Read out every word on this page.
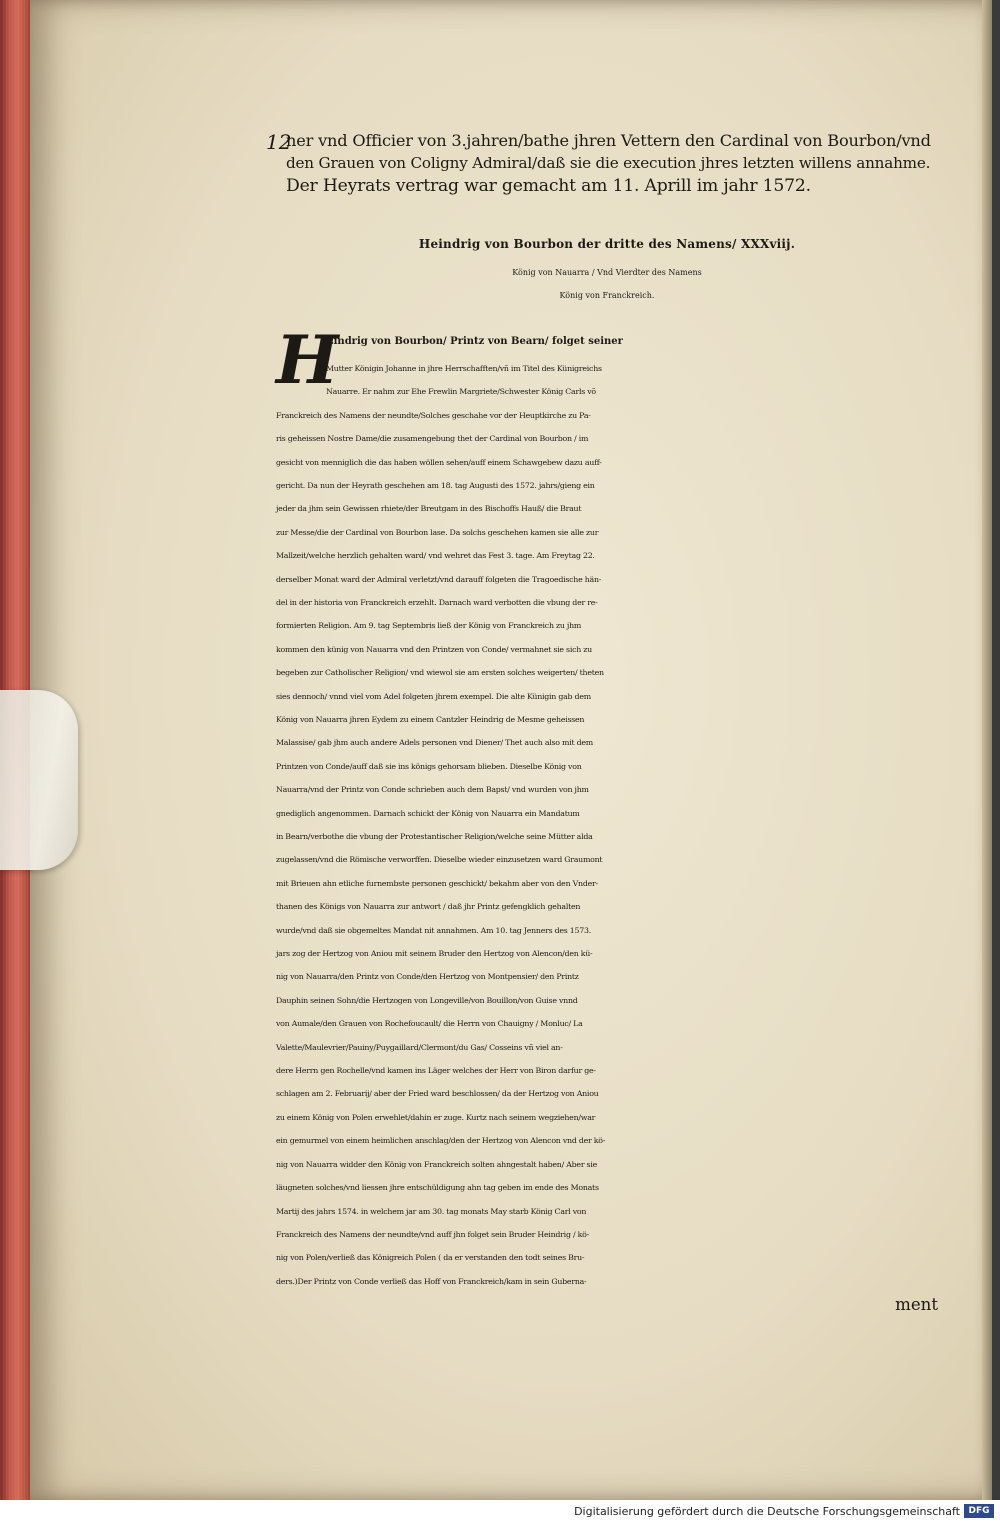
12
ner vnd Officier von 3.jahren/bathe jhren Vettern den Cardinal von Bourbon/vnd
den Grauen von Coligny Admiral/daß sie die execution jhres letzten willens annahme.
Der Heyrats vertrag war gemacht am 11. Aprill im jahr 1572.
Heindrig von Bourbon der dritte des Namens/ XXXviij.
König von Nauarra / Vnd Vierdter des Namens
König von Franckreich.
H
Eindrig von Bourbon/ Printz von Bearn/ folget seiner
Mutter Königin Johanne in jhre Herrschafften/vñ im Titel des Künigreichs
Nauarre. Er nahm zur Ehe Frewlin Margriete/Schwester König Carls võ
Franckreich des Namens der neundte/Solches geschahe vor der Heuptkirche zu Pa-
ris geheissen Nostre Dame/die zusamengebung thet der Cardinal von Bourbon / im
gesicht von menniglich die das haben wöllen sehen/auff einem Schawgebew dazu auff-
gericht. Da nun der Heyrath geschehen am 18. tag Augusti des 1572. jahrs/gieng ein
jeder da jhm sein Gewissen rhiete/der Breutgam in des Bischoffs Hauß/ die Braut
zur Messe/die der Cardinal von Bourbon lase. Da solchs geschehen kamen sie alle zur
Mallzeit/welche herzlich gehalten ward/ vnd wehret das Fest 3. tage. Am Freytag 22.
derselber Monat ward der Admiral verletzt/vnd darauff folgeten die Tragoedische hän-
del in der historia von Franckreich erzehlt. Darnach ward verbotten die vbung der re-
formierten Religion. Am 9. tag Septembris ließ der König von Franckreich zu jhm
kommen den künig von Nauarra vnd den Printzen von Conde/ vermahnet sie sich zu
begeben zur Catholischer Religion/ vnd wiewol sie am ersten solches weigerten/ theten
sies dennoch/ vnnd viel vom Adel folgeten jhrem exempel. Die alte Künigin gab dem
König von Nauarra jhren Eydem zu einem Cantzler Heindrig de Mesme geheissen
Malassise/ gab jhm auch andere Adels personen vnd Diener/ Thet auch also mit dem
Printzen von Conde/auff daß sie ins königs gehorsam blieben. Dieselbe König von
Nauarra/vnd der Printz von Conde schrieben auch dem Bapst/ vnd wurden von jhm
gnediglich angenommen. Darnach schickt der König von Nauarra ein Mandatum
in Bearn/verbothe die vbung der Protestantischer Religion/welche seine Mütter alda
zugelassen/vnd die Römische verworffen. Dieselbe wieder einzusetzen ward Graumont
mit Brieuen ahn etliche furnembste personen geschickt/ bekahm aber von den Vnder-
thanen des Königs von Nauarra zur antwort / daß jhr Printz gefengklich gehalten
wurde/vnd daß sie obgemeltes Mandat nit annahmen. Am 10. tag Jenners des 1573.
jars zog der Hertzog von Aniou mit seinem Bruder den Hertzog von Alencon/den kü-
nig von Nauarra/den Printz von Conde/den Hertzog von Montpensier/ den Printz
Dauphin seinen Sohn/die Hertzogen von Longeville/von Bouillon/von Guise vnnd
von Aumale/den Grauen von Rochefoucault/ die Herrn von Chauigny / Monluc/ La
Valette/Maulevrier/Pauiny/Puygaillard/Clermont/du Gas/ Cosseins vñ viel an-
dere Herrn gen Rochelle/vnd kamen ins Läger welches der Herr von Biron darfur ge-
schlagen am 2. Februarij/ aber der Fried ward beschlossen/ da der Hertzog von Aniou
zu einem König von Polen erwehlet/dahin er zuge. Kurtz nach seinem wegziehen/war
ein gemurmel von einem heimlichen anschlag/den der Hertzog von Alencon vnd der kö-
nig von Nauarra widder den König von Franckreich solten ahngestalt haben/ Aber sie
läugneten solches/vnd liessen jhre entschüldigung ahn tag geben im ende des Monats
Martij des jahrs 1574. in welchem jar am 30. tag monats May starb König Carl von
Franckreich des Namens der neundte/vnd auff jhn folget sein Bruder Heindrig / kö-
nig von Polen/verließ das Königreich Polen ( da er verstanden den todt seines Bru-
ders.)Der Printz von Conde verließ das Hoff von Franckreich/kam in sein Guberna-
ment
Digitalisierung gefördert durch die Deutsche Forschungsgemeinschaft DFG
